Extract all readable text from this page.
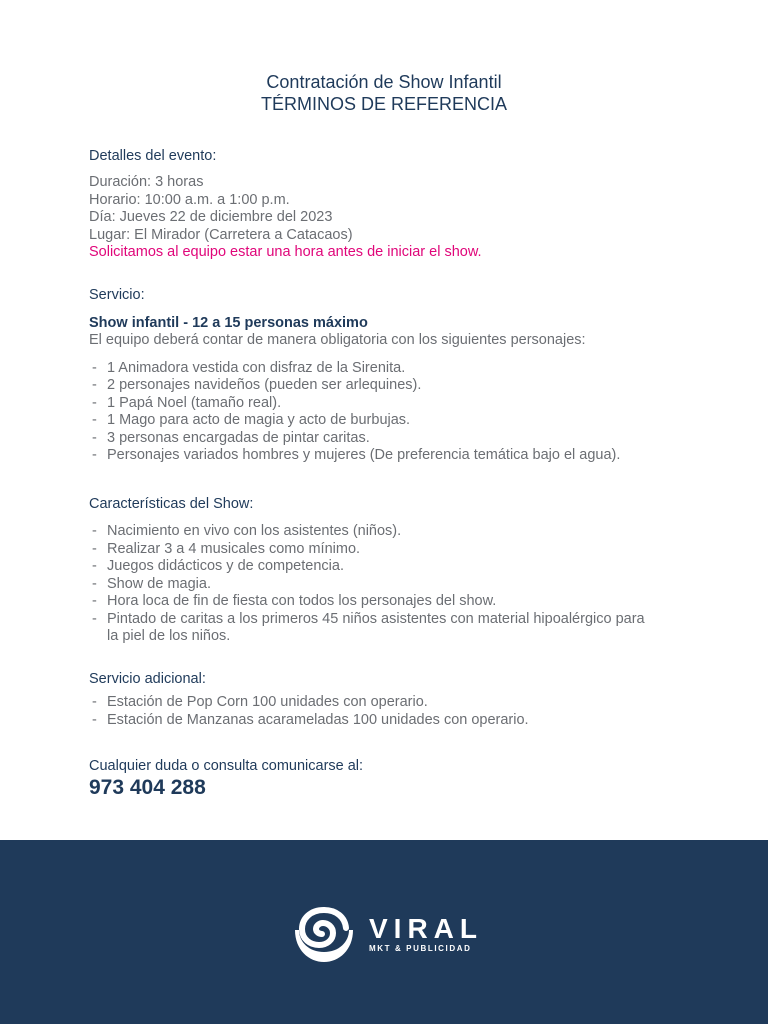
Contratación de Show Infantil
TÉRMINOS DE REFERENCIA

Detalles del evento:

Duración: 3 horas

Horario: 10:00 a.m. a 1:00 p.m.

Día: Jueves 22 de diciembre del 2023

Lugar: El Mirador (Carretera a Catacaos)

Solicitamos al equipo estar una hora antes de iniciar el show.

Servicio:

Show infantil - 12 a 15 personas máximo

El equipo deberá contar de manera obligatoria con los siguientes personajes:

- 1 Animadora vestida con disfraz de la Sirenita.
- 2 personajes navideños (pueden ser arlequines).
- 1 Papá Noel (tamaño real).
- 1 Mago para acto de magia y acto de burbujas.
- 3 personas encargadas de pintar caritas.
- Personajes variados hombres y mujeres (De preferencia temática bajo el agua).

Características del Show:

- Nacimiento en vivo con los asistentes (niños).
- Realizar 3 a 4 musicales como mínimo.
- Juegos didácticos y de competencia.
- Show de magia.
- Hora loca de fin de fiesta con todos los personajes del show.
- Pintado de caritas a los primeros 45 niños asistentes con material hipoalérgico para la piel de los niños.

Servicio adicional:

- Estación de Pop Corn 100 unidades con operario.
- Estación de Manzanas acarameladas 100 unidades con operario.

Cualquier duda o consulta comunicarse al:

973 404 288

VIRAL
MKT & PUBLICIDAD
